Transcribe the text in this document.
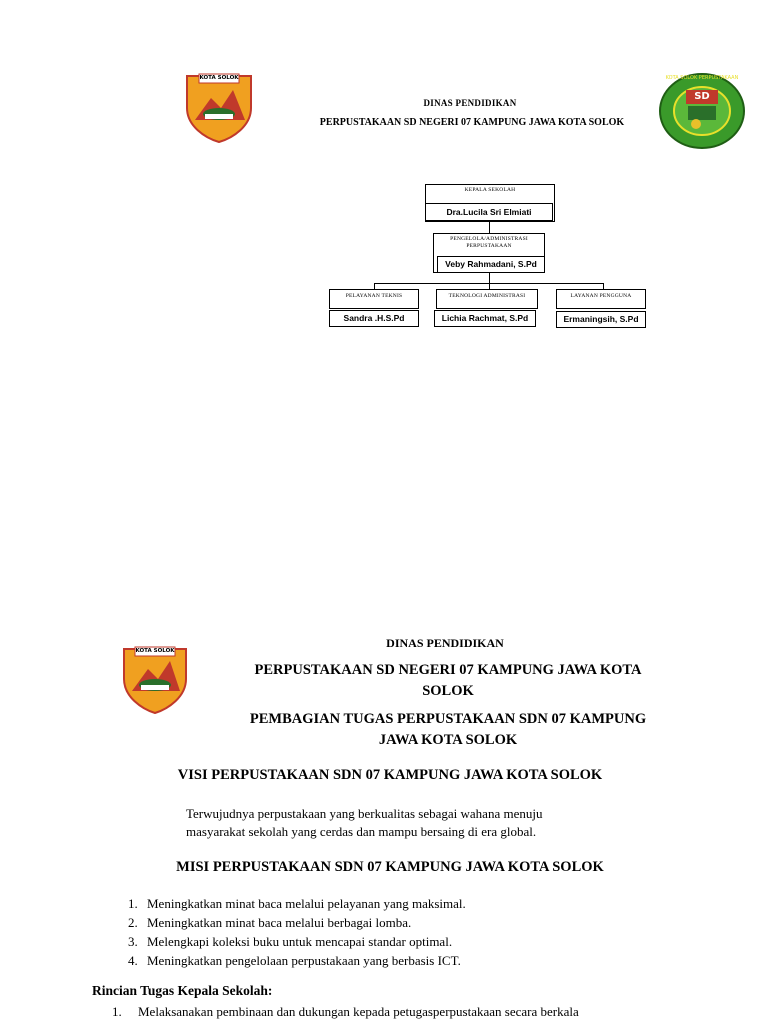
KOTA SOLOK
SD
KOTA SOLOK PERPUSTAKAAN
DINAS PENDIDIKAN
PERPUSTAKAAN SD NEGERI 07 KAMPUNG JAWA KOTA SOLOK
KEPALA SEKOLAH
Dra.Lucila Sri Elmiati
PENGELOLA/ADMINISTRASI PERPUSTAKAAN
Veby Rahmadani, S.Pd
PELAYANAN TEKNIS
Sandra .H.S.Pd
TEKNOLOGI ADMINISTRASI
Lichia Rachmat, S.Pd
LAYANAN PENGGUNA
Ermaningsih, S.Pd
KOTA SOLOK
DINAS PENDIDIKAN
PERPUSTAKAAN SD NEGERI 07 KAMPUNG JAWA KOTA
SOLOK
PEMBAGIAN TUGAS PERPUSTAKAAN SDN 07 KAMPUNG
JAWA KOTA SOLOK
VISI PERPUSTAKAAN SDN 07 KAMPUNG JAWA KOTA SOLOK
Terwujudnya perpustakaan yang berkualitas sebagai wahana menuju
masyarakat sekolah yang cerdas dan mampu bersaing di era global.
MISI PERPUSTAKAAN SDN 07 KAMPUNG JAWA KOTA SOLOK
1. Meningkatkan minat baca melalui pelayanan yang maksimal.
2. Meningkatkan minat baca melalui berbagai lomba.
3. Melengkapi koleksi buku untuk mencapai standar optimal.
4. Meningkatkan pengelolaan perpustakaan yang berbasis ICT.
Rincian Tugas Kepala Sekolah:
1. Melaksanakan pembinaan dan dukungan kepada petugasperpustakaan secara berkala
